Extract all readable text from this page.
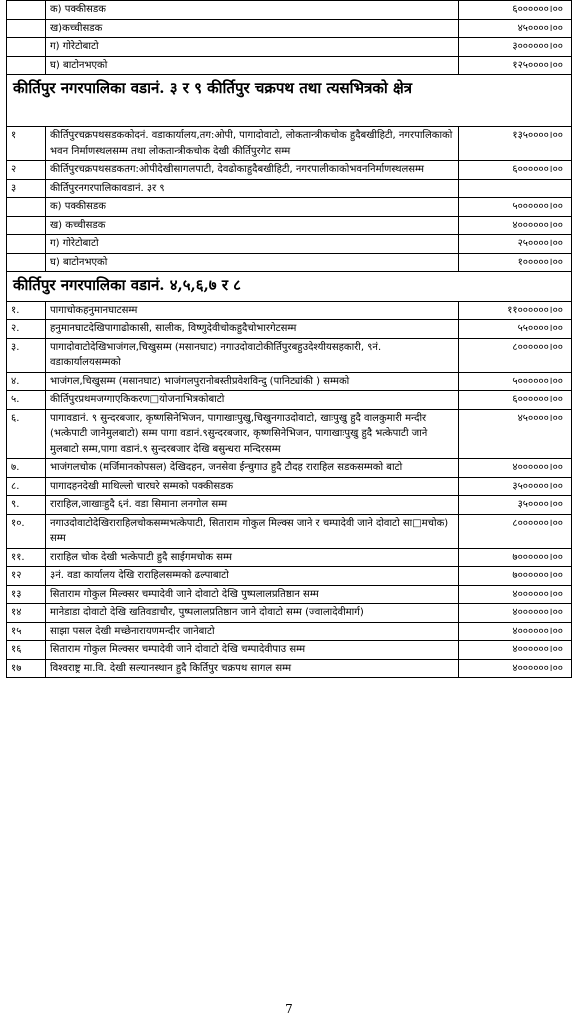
	क) पक्कीसडक	६००००००।००
	ख)कच्चीसडक	४५००००।००
	ग) गोरेटोबाटो	३००००००।००
	घ) बाटोनभएको	१२५००००।००
कीर्तिपुर नगरपालिका वडानं. ३ र ९ कीर्तिपुर चक्रपथ तथा त्यसभित्रको क्षेत्र		
१	कीर्तिपुरचक्रपथसडककोदनं. वडाकार्यालय,तग:ओपी, पागादोवाटो, लोकतान्त्रीकचोक हुदैबखीहिटी, नगरपालिकाको भवन निर्माणस्थलसम्म तथा लोकतान्त्रीकचोक देखी कीर्तिपुरगेट सम्म	१३५००००।००
२	कीर्तिपुरचक्रपथसडकतग:ओपीदेखीसागलपाटी, देवढोकाहुदैबखीहिटी, नगरपालीकाकोभवननिर्माणस्थलसम्म	६००००००।००
३	कीर्तिपुरनगरपालिकावडानं. ३र ९	
	क) पक्कीसडक	५००००००।००
	ख) कच्चीसडक	४००००००।००
	ग) गोरेटोबाटो	२५००००।००
	घ) बाटोनभएको	१०००००।००
कीर्तिपुर नगरपालिका वडानं. ४,५,६,७ र ८		
१.	पागाचोकहनुमानघाटसम्म	११००००००।००
२.	हनुमानघाटदेखिपागाढोकासी, सालीक, विष्णुदेवीचोकहुदैचोभारगेटसम्म	५५००००।००
३.	पागादोवाटोदेखिभाजंगल,चिखुसम्म (मसानघाट) नगाउदोवाटोकीर्तिपुरबहुउदेश्यीयसहकारी, ९नं. वडाकार्यालयसम्मको	८००००००।००
४.	भाजंगल,चिखुसम्म (मसानघाट) भाजंगलपुरानोबस्तीप्रवेशविन्दु (पानिट्यांकी ) सम्मको	५००००००।००
५.	कीर्तिपुरप्रथमजग्गाएकिकरण□योजनाभित्रकोबाटो	६००००००।००
६.	पागावडानं. ९ सुन्दरबजार, कृष्णसिनेभिजन, पागाखाःपुखु,चिखुनगाउदोवाटो, खाःपुखु हुदै वालकुमारी मन्दीर (भत्केपाटी जानेमुलबाटो) सम्म पागा वडानं.९सुन्दरबजार, कृष्णसिनेभिजन, पागाखाःपुखु हुदै भत्केपाटी जाने मुलबाटो सम्म,पागा वडानं.९ सुन्दरबजार देखि बसुन्धरा मन्दिरसम्म	४५००००।००
७.	भाजंगलचोक (मर्जिमानकोपसल) देखिदहन, जनसेवा ईन्चुगाउ हुदै टौदह राराहिल सडकसम्मको बाटो	४००००००।००
८.	पागादहनदेखी माथिल्लो चारघरे सम्मको पक्कीसडक	३५०००००।००
९.	राराहिल,जाखाःहुदै ६नं. वडा सिमाना लनगोल सम्म	३५००००।००
१०.	नगाउदोवाटोदेखिराराहिलचोकसम्मभत्केपाटी, सिताराम गोकुल मिल्क्स जाने र चम्पादेवी जाने दोवाटो सा□मचोक) सम्म	८००००००।००
११.	राराहिल चोक देखी भत्केपाटी हुदै साईगमचोक सम्म	७००००००।००
१२	३नं. वडा कार्यालय देखि राराहिलसम्मको ढल्पाबाटो	७००००००।००
१३	सिताराम गोकुल मिल्क्सर चम्पादेवी जाने दोवाटो देखि पुष्पलालप्रतिष्ठान सम्म	४००००००।००
१४	मानेडाडा दोवाटो देखि खतिवडाचौर, पुष्पलालप्रतिष्ठान जाने दोवाटो सम्म (ज्वालादेवीमार्ग)	४००००००।००
१५	साझा पसल देखी मच्छेनारायणमन्दीर जानेबाटो	४००००००।००
१६	सिताराम गोकुल मिल्क्सर चम्पादेवी जाने दोवाटो देखि चम्पादेवीपाउ सम्म	४००००००।००
१७	विश्वराष्ट्र मा.वि. देखी सल्यानस्थान हुदै किर्तिपुर चक्रपथ सागल सम्म	४००००००।००
7
